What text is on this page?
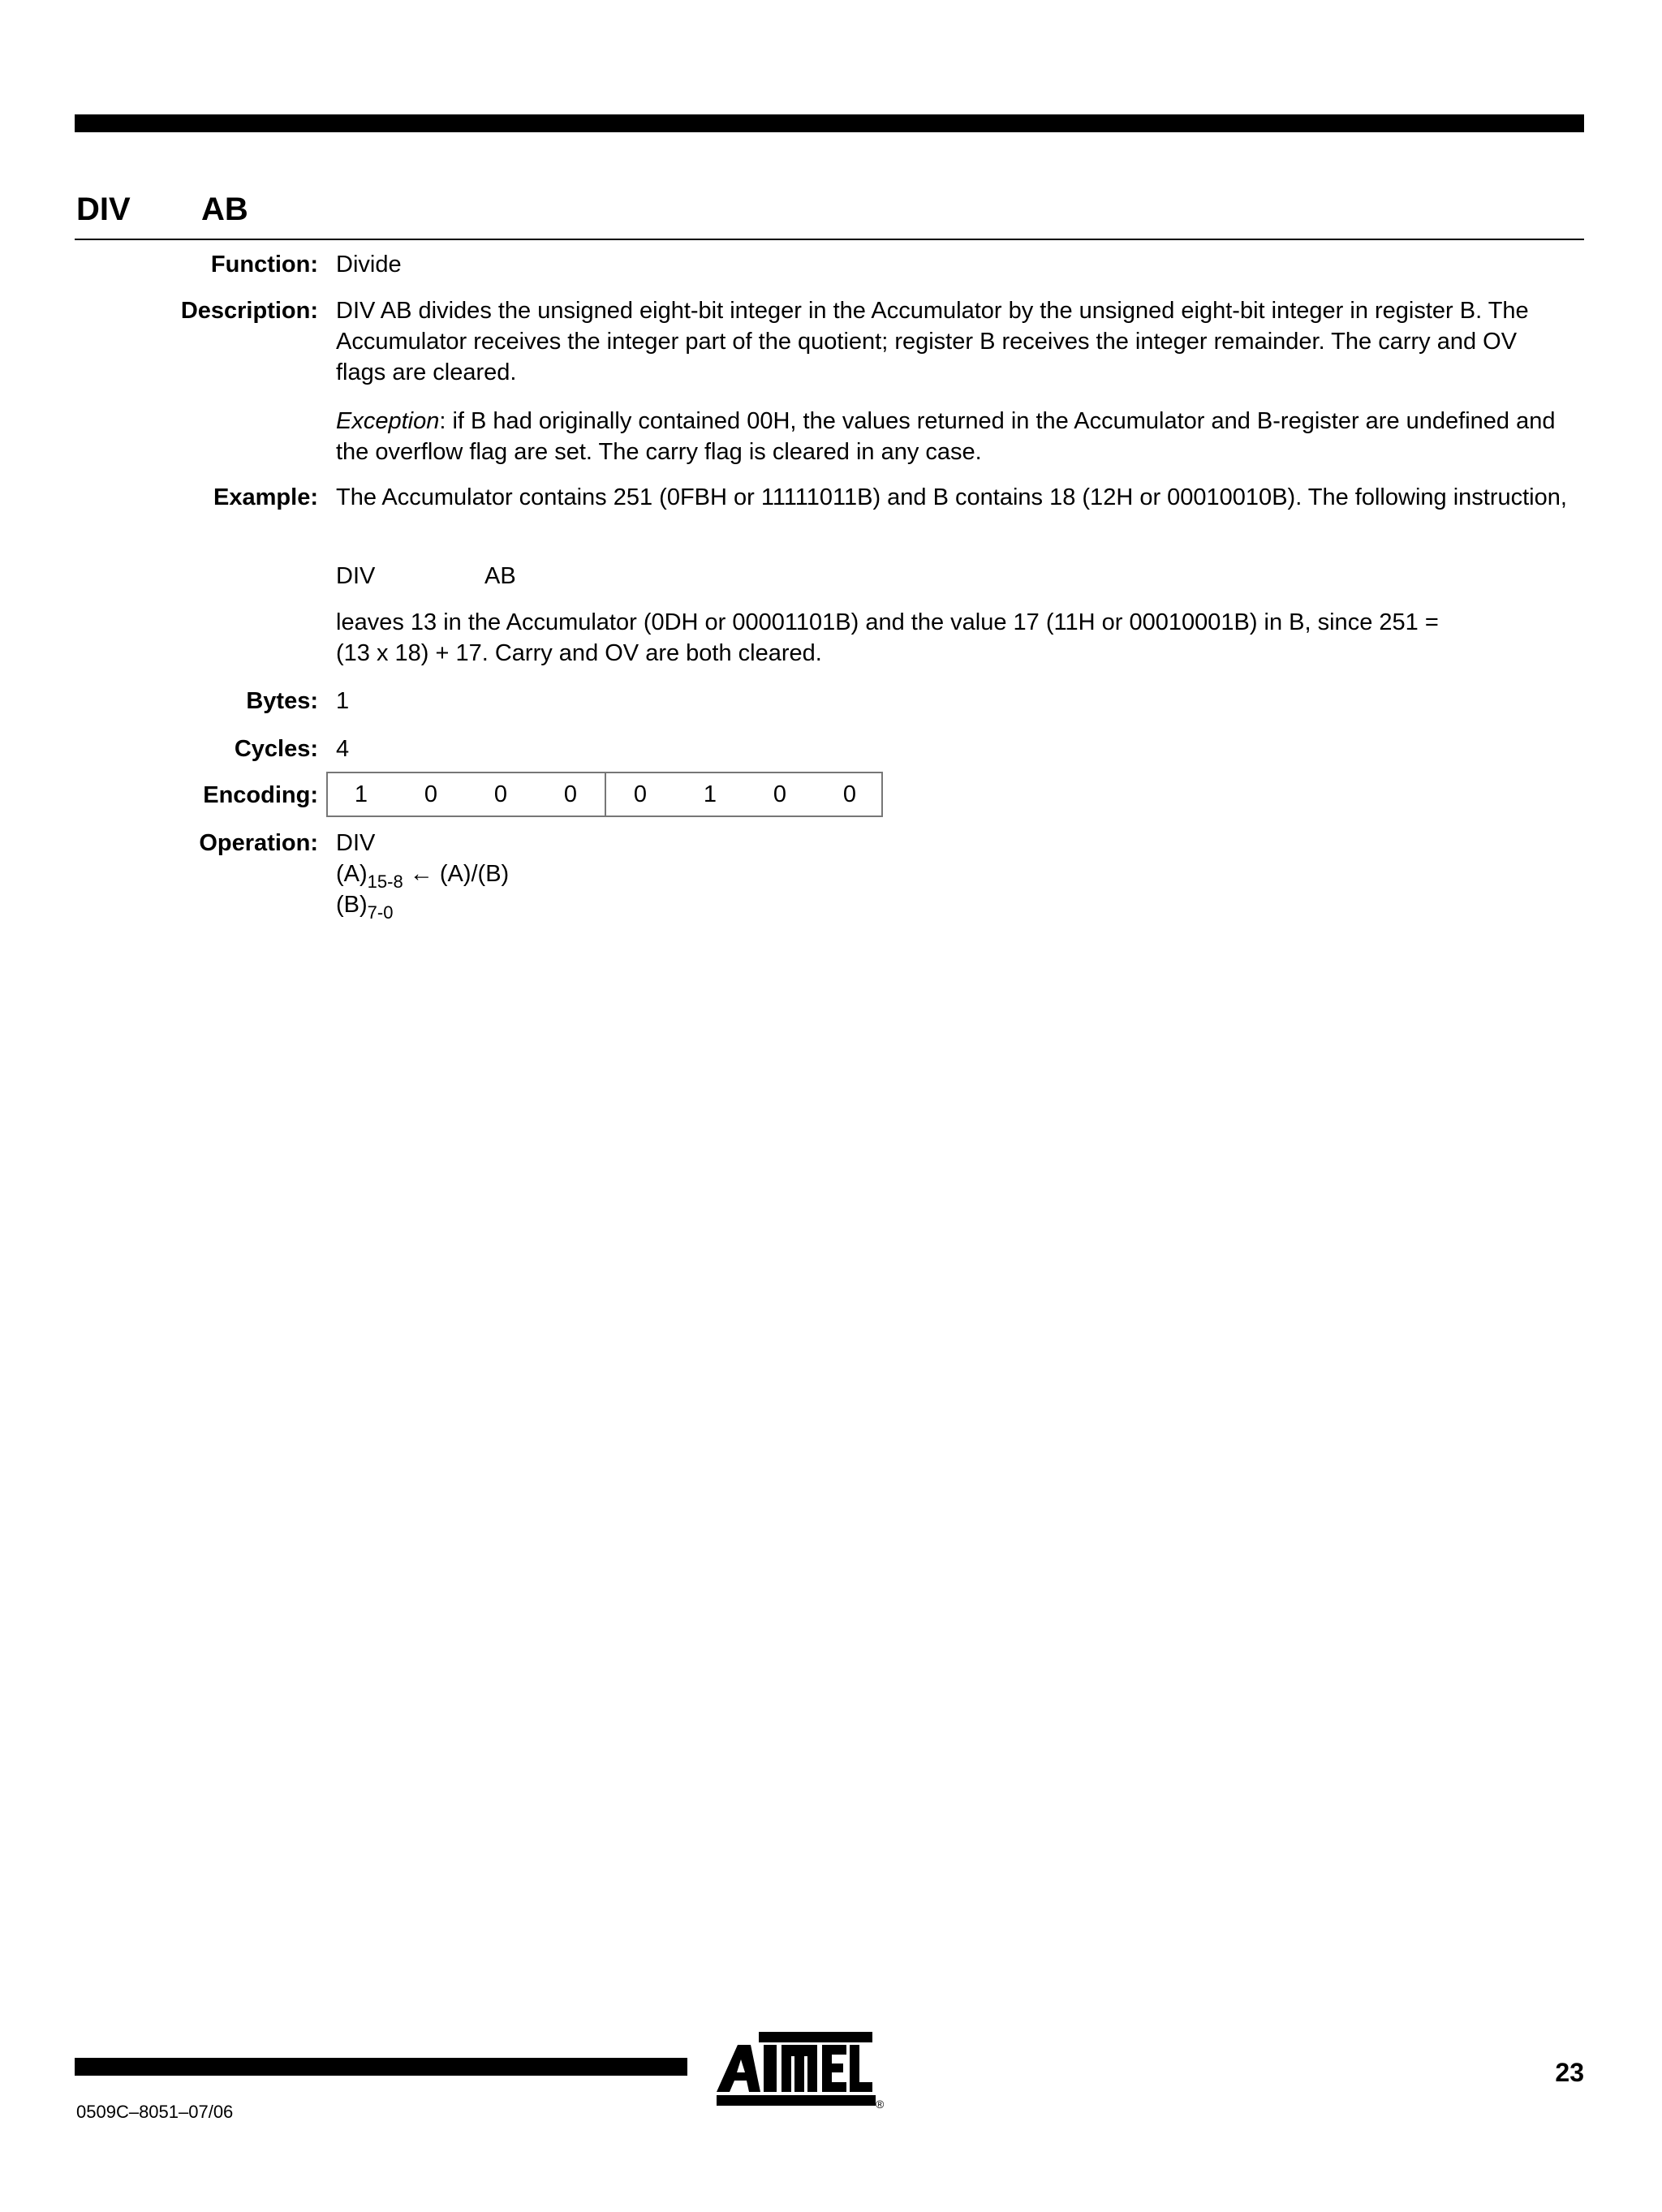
DIV AB
Function: Divide
Description: DIV AB divides the unsigned eight-bit integer in the Accumulator by the unsigned eight-bit integer in register B. The Accumulator receives the integer part of the quotient; register B receives the integer remainder. The carry and OV flags are cleared.
Exception: if B had originally contained 00H, the values returned in the Accumulator and B-register are undefined and the overflow flag are set. The carry flag is cleared in any case.
Example: The Accumulator contains 251 (0FBH or 11111011B) and B contains 18 (12H or 00010010B). The following instruction,
DIV	AB
leaves 13 in the Accumulator (0DH or 00001101B) and the value 17 (11H or 00010001B) in B, since 251 = (13 x 18) + 17. Carry and OV are both cleared.
Bytes: 1
Cycles: 4
Encoding:	1	0	0	0	0	1	0	0
Operation: DIV
$(A)_{15-8}$ ← (A)/(B)
$(B)_{7-0}$
0509C–8051–07/06
23
®
